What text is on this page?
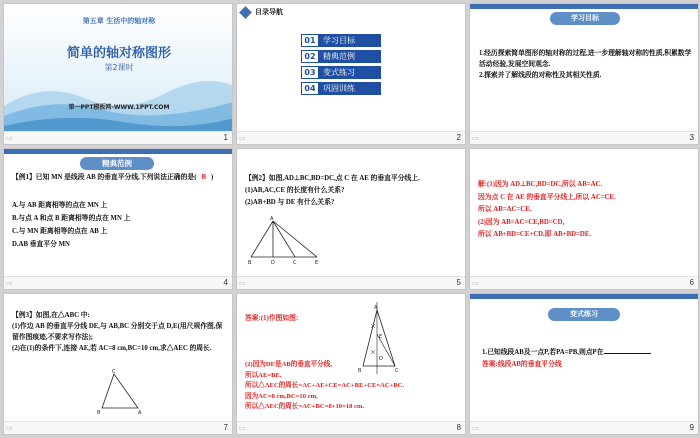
第五章 生活中的轴对称
简单的轴对称图形
第2课时
第一PPT模板网-WWW.1PPT.COM
▭	1
目录导航
01 学习目标
02 精典范例
03 变式练习
04 巩固训练
▭	2
学习目标
1.经历探索简单图形的轴对称的过程,进一步理解轴对称的性质,积累数学活动经验,发展空间观念.
2.探索并了解线段的对称性及其相关性质.
▭	3
精典范例
【例1】已知 MN 是线段 AB 的垂直平分线,下列说法正确的是( B )
A.与 AB 距离相等的点在 MN 上
B.与点 A 和点 B 距离相等的点在 MN 上
C.与 MN 距离相等的点在 AB 上
D.AB 垂直平分 MN
▭	4
【例2】如图,AD⊥BC,BD=DC,点 C 在 AE 的垂直平分线上.
(1)AB,AC,CE 的长度有什么关系?
(2)AB+BD 与 DE 有什么关系?
A
B	D	C	E
▭	5
解:(1)因为 AD⊥BC,BD=DC,所以 AB=AC.
因为点 C 在 AE 的垂直平分线上,所以 AC=CE.
所以 AB=AC=CE.
(2)因为 AB=AC=CE,BD=CD,
所以 AB+BD=CE+CD.即 AB+BD=DE.
▭	6
【例3】如图,在△ABC 中:
(1)作边 AB 的垂直平分线 DE,与 AB,BC 分别交于点 D,E(用尺规作图,保留作图痕迹,不要求写作法);
(2)在(1)的条件下,连接 AE,若 AC=8 cm,BC=10 cm,求△AEC 的周长.
C
B	A
▭	7
答案:(1)作图如图:
A
E
B	C
D
(2)因为DE是AB的垂直平分线,
所以AE=BE,
所以△AEC的周长=AC+AE+CE=AC+BE+CE=AC+BC.
因为AC=8 cm,BC=10 cm,
所以△AEC的周长=AC+BC=8+10=18 cm.
▭	8
变式练习
1.已知线段AB及一点P,若PA=PB,则点P在	.
答案:线段AB的垂直平分线
▭	9
